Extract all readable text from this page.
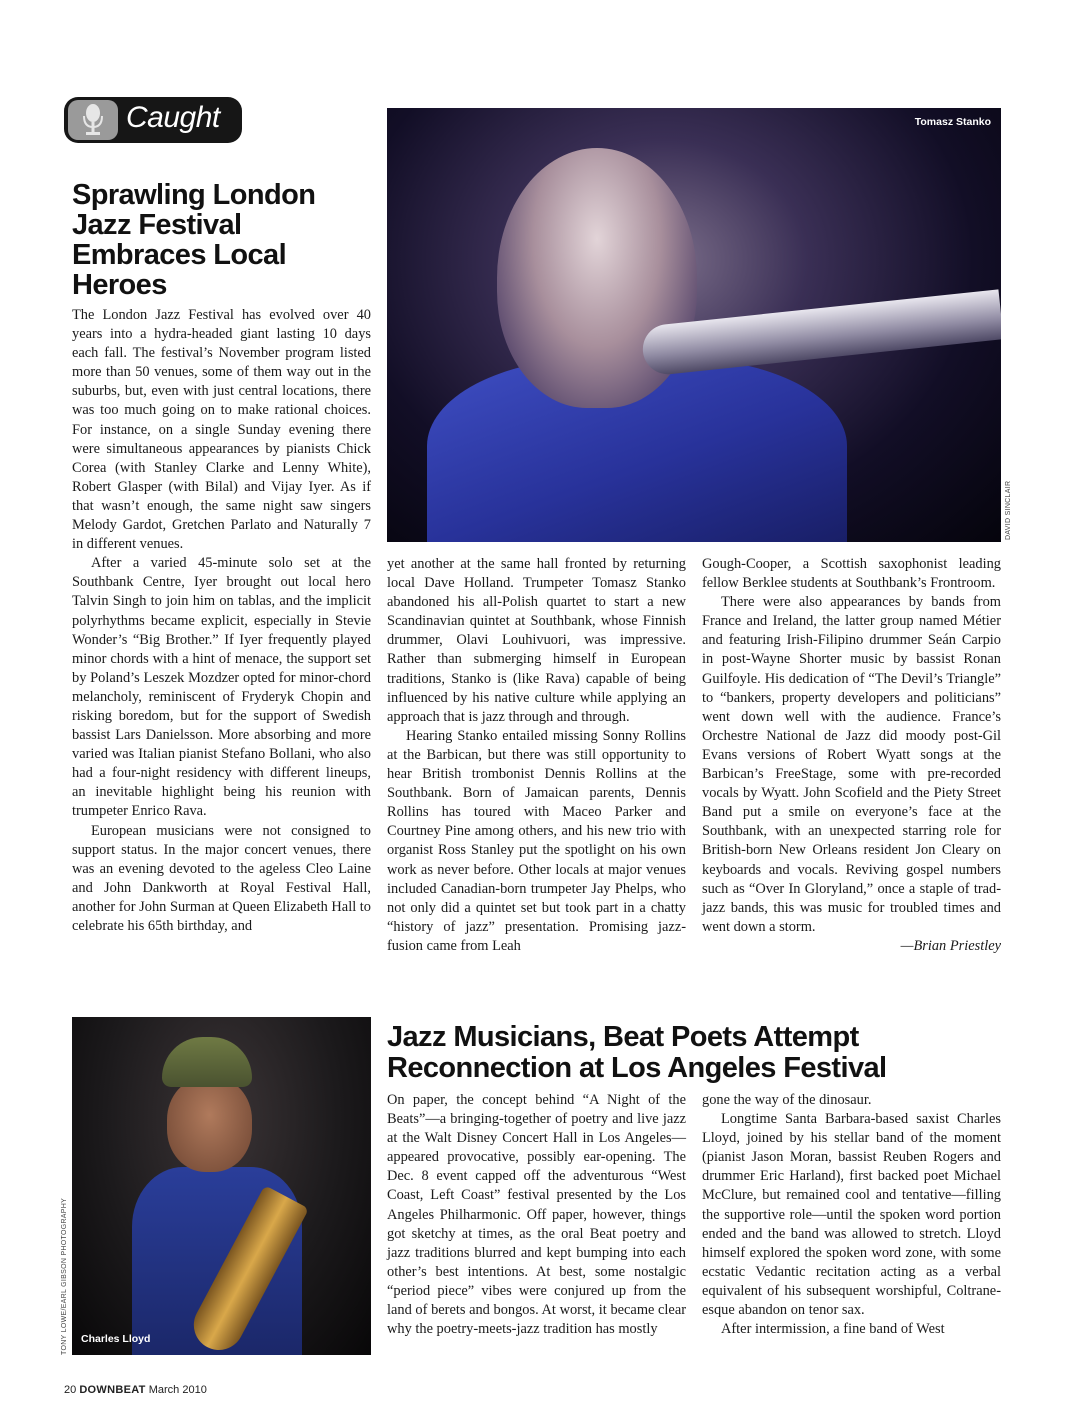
Caught
Sprawling London Jazz Festival Embraces Local Heroes

The London Jazz Festival has evolved over 40 years into a hydra-headed giant lasting 10 days each fall. The festival’s November program listed more than 50 venues, some of them way out in the suburbs, but, even with just central locations, there was too much going on to make rational choices. For instance, on a single Sunday evening there were simultaneous appearances by pianists Chick Corea (with Stanley Clarke and Lenny White), Robert Glasper (with Bilal) and Vijay Iyer. As if that wasn’t enough, the same night saw singers Melody Gardot, Gretchen Parlato and Naturally 7 in different venues.

After a varied 45-minute solo set at the Southbank Centre, Iyer brought out local hero Talvin Singh to join him on tablas, and the implicit polyrhythms became explicit, especially in Stevie Wonder’s “Big Brother.” If Iyer frequently played minor chords with a hint of menace, the support set by Poland’s Leszek Mozdzer opted for minor-chord melancholy, reminiscent of Fryderyk Chopin and risking boredom, but for the support of Swedish bassist Lars Danielsson. More absorbing and more varied was Italian pianist Stefano Bollani, who also had a four-night residency with different lineups, an inevitable highlight being his reunion with trumpeter Enrico Rava.

European musicians were not consigned to support status. In the major concert venues, there was an evening devoted to the ageless Cleo Laine and John Dankworth at Royal Festival Hall, another for John Surman at Queen Elizabeth Hall to celebrate his 65th birthday, and

Tomasz Stanko
DAVID SINCLAIR

yet another at the same hall fronted by returning local Dave Holland. Trumpeter Tomasz Stanko abandoned his all-Polish quartet to start a new Scandinavian quintet at Southbank, whose Finnish drummer, Olavi Louhivuori, was impressive. Rather than submerging himself in European traditions, Stanko is (like Rava) capable of being influenced by his native culture while applying an approach that is jazz through and through.

Hearing Stanko entailed missing Sonny Rollins at the Barbican, but there was still opportunity to hear British trombonist Dennis Rollins at the Southbank. Born of Jamaican parents, Dennis Rollins has toured with Maceo Parker and Courtney Pine among others, and his new trio with organist Ross Stanley put the spotlight on his own work as never before. Other locals at major venues included Canadian-born trumpeter Jay Phelps, who not only did a quintet set but took part in a chatty “history of jazz” presentation. Promising jazz-fusion came from Leah

Gough-Cooper, a Scottish saxophonist leading fellow Berklee students at Southbank’s Frontroom.

There were also appearances by bands from France and Ireland, the latter group named Métier and featuring Irish-Filipino drummer Seán Carpio in post-Wayne Shorter music by bassist Ronan Guilfoyle. His dedication of “The Devil’s Triangle” to “bankers, property developers and politicians” went down well with the audience. France’s Orchestre National de Jazz did moody post-Gil Evans versions of Robert Wyatt songs at the Barbican’s FreeStage, some with pre-recorded vocals by Wyatt. John Scofield and the Piety Street Band put a smile on everyone’s face at the Southbank, with an unexpected starring role for British-born New Orleans resident Jon Cleary on keyboards and vocals. Reviving gospel numbers such as “Over In Gloryland,” once a staple of trad-jazz bands, this was music for troubled times and went down a storm.

—Brian Priestley

Charles Lloyd
TONY LOWE/EARL GIBSON PHOTOGRAPHY
Jazz Musicians, Beat Poets Attempt
Reconnection at Los Angeles Festival

On paper, the concept behind “A Night of the Beats”—a bringing-together of poetry and live jazz at the Walt Disney Concert Hall in Los Angeles—appeared provocative, possibly ear-opening. The Dec. 8 event capped off the adventurous “West Coast, Left Coast” festival presented by the Los Angeles Philharmonic. Off paper, however, things got sketchy at times, as the oral Beat poetry and jazz traditions blurred and kept bumping into each other’s best intentions. At best, some nostalgic “period piece” vibes were conjured up from the land of berets and bongos. At worst, it became clear why the poetry-meets-jazz tradition has mostly

gone the way of the dinosaur.

Longtime Santa Barbara-based saxist Charles Lloyd, joined by his stellar band of the moment (pianist Jason Moran, bassist Reuben Rogers and drummer Eric Harland), first backed poet Michael McClure, but remained cool and tentative—filling the supportive role—until the spoken word portion ended and the band was allowed to stretch. Lloyd himself explored the spoken word zone, with some ecstatic Vedantic recitation acting as a verbal equivalent of his subsequent worshipful, Coltrane-esque abandon on tenor sax.

After intermission, a fine band of West

20 DOWNBEAT March 2010
